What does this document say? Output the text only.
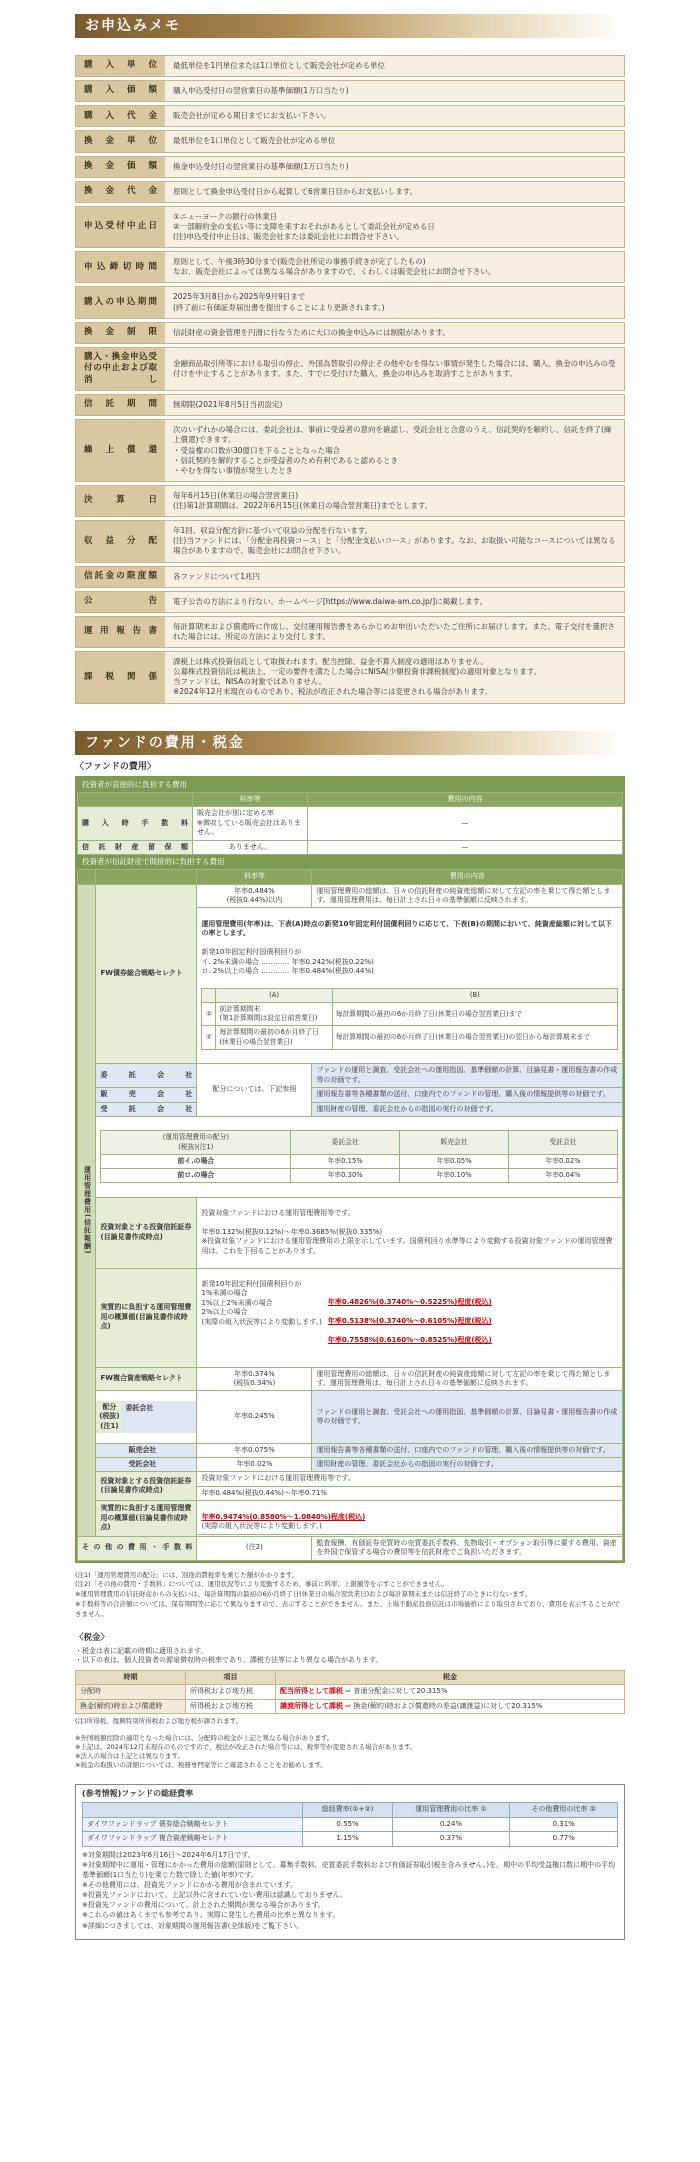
お申込みメモ
購入単位	最低単位を1円単位または1口単位として販売会社が定める単位
購入価額	購入申込受付日の翌営業日の基準価額(1万口当たり)
購入代金	販売会社が定める期日までにお支払い下さい。
換金単位	最低単位を1口単位として販売会社が定める単位
換金価額	換金申込受付日の翌営業日の基準価額(1万口当たり)
換金代金	原則として換金申込受付日から起算して6営業日目からお支払いします。
申込受付中止日	①ニューヨークの銀行の休業日
②一部解約金の支払い等に支障を来すおそれがあるとして委託会社が定める日
(注)申込受付中止日は、販売会社または委託会社にお問合せ下さい。
申込締切時間	原則として、午後3時30分まで(販売会社所定の事務手続きが完了したもの)
なお、販売会社によっては異なる場合がありますので、くわしくは販売会社にお問合せ下さい。
購入の申込期間	2025年3月8日から2025年9月9日まで
(終了前に有価証券届出書を提出することにより更新されます。)
換金制限	信託財産の資金管理を円滑に行なうために大口の換金申込みには制限があります。
購入・換金申込受付の中止および取消し	金融商品取引所等における取引の停止、外国為替取引の停止その他やむを得ない事情が発生した場合には、購入、換金の申込みの受付けを中止することがあります。また、すでに受付けた購入、換金の申込みを取消すことがあります。
信託期間	無期限(2021年8月5日当初設定)
繰上償還	次のいずれかの場合には、委託会社は、事前に受益者の意向を確認し、受託会社と合意のうえ、信託契約を解約し、信託を終了(繰上償還)できます。
・受益権の口数が30億口を下ることとなった場合
・信託契約を解約することが受益者のため有利であると認めるとき
・やむを得ない事情が発生したとき
決算日	毎年6月15日(休業日の場合翌営業日)
(注)第1計算期間は、2022年6月15日(休業日の場合翌営業日)までとします。
収益分配	年1回、収益分配方針に基づいて収益の分配を行ないます。
(注)当ファンドには、「分配金再投資コース」と「分配金支払いコース」があります。なお、お取扱い可能なコースについては異なる場合がありますので、販売会社にお問合せ下さい。
信託金の限度額	各ファンドについて1兆円
公告	電子公告の方法により行ない、ホームページ[https://www.daiwa-am.co.jp/]に掲載します。
運用報告書	毎計算期末および償還時に作成し、交付運用報告書をあらかじめお申出いただいたご住所にお届けします。また、電子交付を選択された場合には、所定の方法により交付します。
課税関係	課税上は株式投資信託として取扱われます。配当控除、益金不算入制度の適用はありません。
公募株式投資信託は税法上、一定の要件を満たした場合にNISA(少額投資非課税制度)の適用対象となります。
当ファンドは、NISAの対象ではありません。
※2024年12月末現在のものであり、税法が改正された場合等には変更される場合があります。
ファンドの費用・税金
〈ファンドの費用〉
投資者が直接的に負担する費用
	料率等	費用の内容
購入時手数料	販売会社が別に定める率
※徴収している販売会社はありません。	—
信託財産留保額	ありません。	—
投資者が信託財産で間接的に負担する費用
		料率等	費用の内容
運用管理費用(信託報酬)	FW債券総合戦略セレクト	年率0.484%
(税抜0.44%)以内	運用管理費用の総額は、日々の信託財産の純資産総額に対して左記の率を乗じて得た額とします。運用管理費用は、毎日計上され日々の基準価額に反映されます。

運用管理費用(年率)は、下表(A)時点の新発10年固定利付国債利回りに応じて、下表(B)の期間において、純資産総額に対して以下の率とします。

新発10年固定利付国債利回りが
イ. 2%未満の場合 ………… 年率0.242%(税抜0.22%)
ロ. 2%以上の場合 ………… 年率0.484%(税抜0.44%)

	(A)	(B)
①	前計算期間末
(第1計算期間は設定日前営業日)	毎計算期間の最初の6か月終了日(休業日の場合翌営業日)まで
②	毎計算期間の最初の6か月終了日
(休業日の場合翌営業日)	毎計算期間の最初の6か月終了日(休業日の場合翌営業日)の翌日から毎計算期末まで

委託会社	配分については、下記参照	ファンドの運用と調査、受託会社への運用指図、基準価額の計算、目論見書・運用報告書の作成等の対価です。
販売会社	運用報告書等各種書類の送付、口座内でのファンドの管理、購入後の情報提供等の対価です。
受託会社	運用財産の管理、委託会社からの指図の実行の対価です。

(運用管理費用の配分)
(税抜)(注1)	委託会社	販売会社	受託会社
前イ.の場合	年率0.15%	年率0.05%	年率0.02%
前ロ.の場合	年率0.30%	年率0.10%	年率0.04%

投資対象とする投資信託証券(目論見書作成時点)	

投資対象ファンドにおける運用管理費用等です。

年率0.132%(税抜0.12%)〜年率0.3685%(税抜0.335%)
※投資対象ファンドにおける運用管理費用の上限を示しています。国債利回り水準等により変動する投資対象ファンドの運用管理費用は、これを下回ることがあります。

実質的に負担する運用管理費用の概算値(目論見書作成時点)	

新発10年固定利付国債利回りが
1%未満の場合
1%以上2%未満の場合
2%以上の場合
(実際の組入状況等により変動します。)

年率0.4826%(0.3740%〜0.5225%)程度(税込)

年率0.5138%(0.3740%〜0.6105%)程度(税込)

年率0.7558%(0.6160%〜0.8525%)程度(税込)

FW複合資産戦略セレクト	年率0.374%
(税抜0.34%)	運用管理費用の総額は、日々の信託財産の純資産総額に対して左記の率を乗じて得た額とします。運用管理費用は、毎日計上され日々の基準価額に反映されます。

配分
(税抜)
(注1)
委託会社

	年率0.245%	ファンドの運用と調査、受託会社への運用指図、基準価額の計算、目論見書・運用報告書の作成等の対価です。
販売会社	年率0.075%	運用報告書等各種書類の送付、口座内でのファンドの管理、購入後の情報提供等の対価です。
受託会社	年率0.02%	運用財産の管理、委託会社からの指図の実行の対価です。
投資対象とする投資信託証券(目論見書作成時点)	投資対象ファンドにおける運用管理費用等です。
年率0.484%(税抜0.44%)〜年率0.71%
実質的に負担する運用管理費用の概算値(目論見書作成時点)	
年率0.9474%(0.8580%〜1.0840%)程度(税込)
(実際の組入状況等により変動します。)

その他の費用・手数料	(注2)	監査報酬、有価証券売買時の売買委託手数料、先物取引・オプション取引等に要する費用、資産を外国で保管する場合の費用等を信託財産でご負担いただきます。
(注1)「運用管理費用の配分」には、別途消費税率を乗じた額がかかります。
(注2)「その他の費用・手数料」については、運用状況等により変動するため、事前に料率、上限額等を示すことができません。
※運用管理費用の信託財産からの支払いは、毎計算期間の最初の6か月終了日(休業日の場合翌営業日)および毎計算期末または信託終了のときに行ないます。
※手数料等の合計額については、保有期間等に応じて異なりますので、表示することができません。また、上場不動産投資信託は市場価格により取引されており、費用を表示することができません。
〈税金〉
・税金は表に記載の時期に適用されます。
・以下の表は、個人投資者の源泉徴収時の税率であり、課税方法等により異なる場合があります。
時期	項目	税金
分配時	所得税および地方税	配当所得として課税 ⇨ 普通分配金に対して20.315%
換金(解約)時および償還時	所得税および地方税	譲渡所得として課税 ⇨ 換金(解約)時および償還時の差益(譲渡益)に対して20.315%
(注)所得税、復興特別所得税および地方税が課されます。

※外国税額控除の適用となった場合には、分配時の税金が上記と異なる場合があります。
※上記は、2024年12月末現在のものですので、税法が改正された場合等には、税率等が変更される場合があります。
※法人の場合は上記とは異なります。
※税金の取扱いの詳細については、税務専門家等にご確認されることをお勧めします。
(参考情報)ファンドの総経費率
	総経費率(①+②)	運用管理費用の比率 ①	その他費用の比率 ②
ダイワファンドラップ 債券総合戦略セレクト	0.55%	0.24%	0.31%
ダイワファンドラップ 複合資産戦略セレクト	1.15%	0.37%	0.77%
※対象期間は2023年6月16日〜2024年6月17日です。
※対象期間中に運用・管理にかかった費用の総額(原則として、募集手数料、売買委託手数料および有価証券取引税を含みません。)を、期中の平均受益権口数に期中の平均基準価額(1口当たり)を乗じた数で除した値(年率)です。
※その他費用には、投資先ファンドにかかる費用が含まれています。
※投資先ファンドにおいて、上記以外に含まれていない費用は認識しておりません。
※投資先ファンドの費用について、計上された期間が異なる場合があります。
※これらの値はあくまでも参考であり、実際に発生した費用の比率と異なります。
※詳細につきましては、対象期間の運用報告書(全体版)をご覧下さい。
